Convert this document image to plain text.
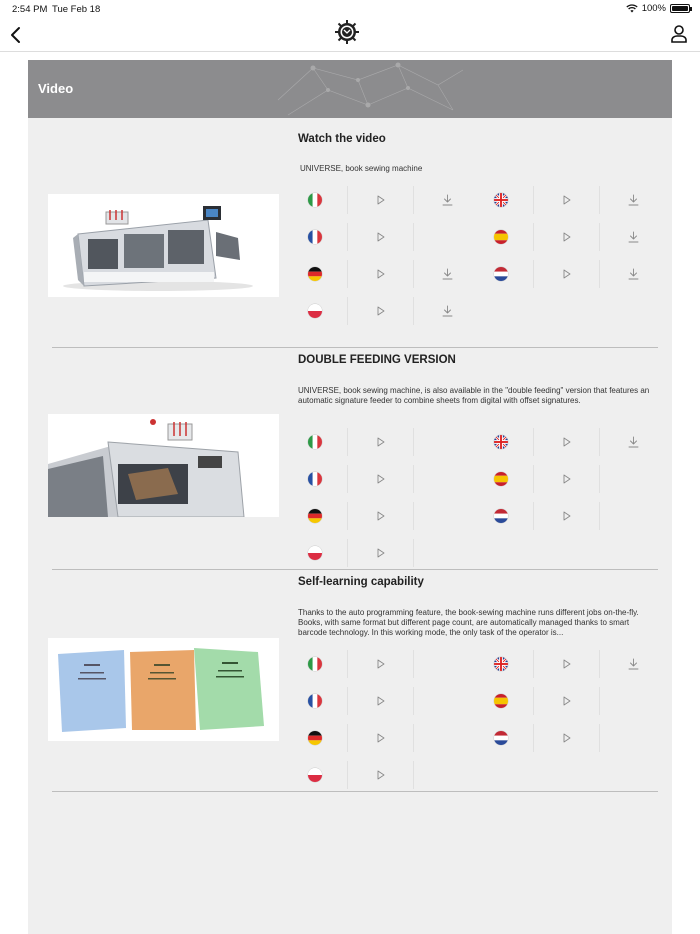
2:54 PM Tue Feb 18	100%
Video
Watch the video
UNIVERSE, book sewing machine
DOUBLE FEEDING VERSION
UNIVERSE, book sewing machine, is also available in the "double feeding" version that features an automatic signature feeder to combine sheets from digital with offset signatures.
Self-learning capability
Thanks to the auto programming feature, the book-sewing machine runs different jobs on-the-fly. Books, with same format but different page count, are automatically managed thanks to smart barcode technology. In this working mode, the only task of the operator is...
